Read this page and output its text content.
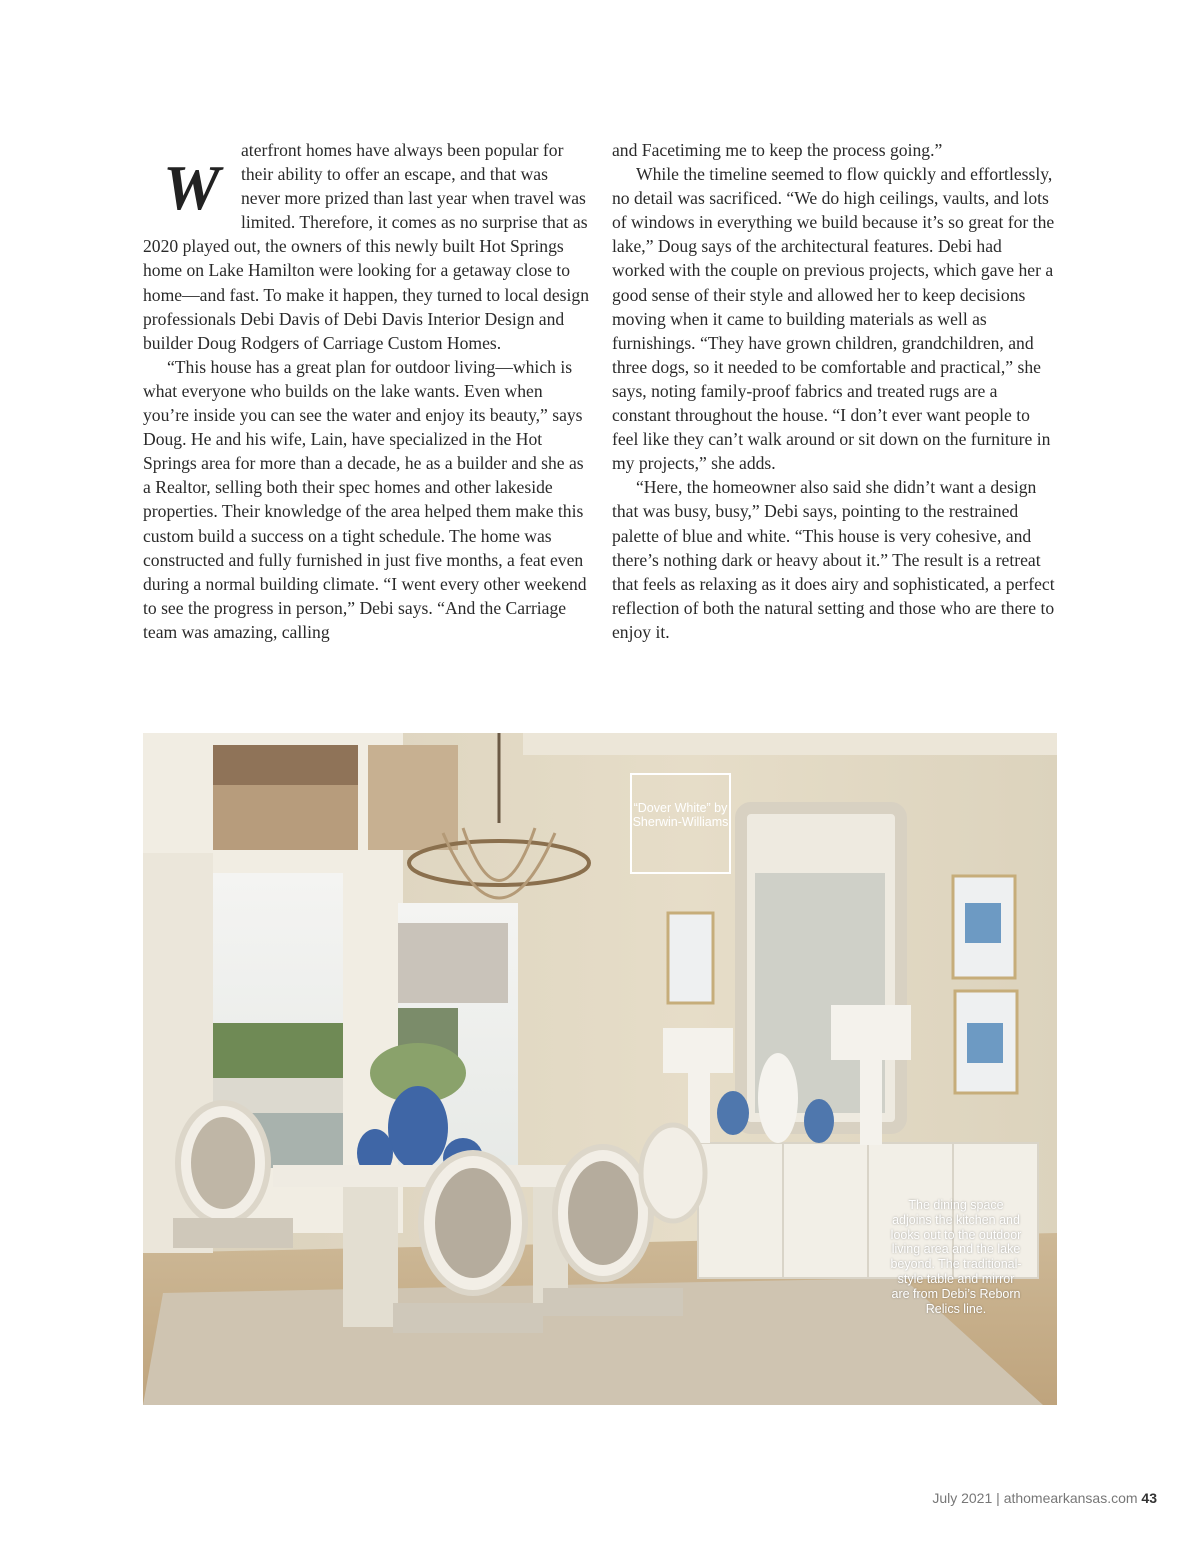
W

aterfront homes have always been popular for their ability to offer an escape, and that was never more prized than last year when travel was limited. Therefore, it comes as no surprise that as 2020 played out, the owners of this newly built Hot Springs home on Lake Hamilton were looking for a getaway close to home—and fast. To make it happen, they turned to local design professionals Debi Davis of Debi Davis Interior Design and builder Doug Rodgers of Carriage Custom Homes.

“This house has a great plan for outdoor living—which is what everyone who builds on the lake wants. Even when you’re inside you can see the water and enjoy its beauty,” says Doug. He and his wife, Lain, have specialized in the Hot Springs area for more than a decade, he as a builder and she as a Realtor, selling both their spec homes and other lakeside properties. Their knowledge of the area helped them make this custom build a success on a tight schedule. The home was constructed and fully furnished in just five months, a feat even during a normal building climate. “I went every other weekend to see the progress in person,” Debi says. “And the Carriage team was amazing, calling

and Facetiming me to keep the process going.”

While the timeline seemed to flow quickly and effortlessly, no detail was sacrificed. “We do high ceilings, vaults, and lots of windows in everything we build because it’s so great for the lake,” Doug says of the architectural features. Debi had worked with the couple on previous projects, which gave her a good sense of their style and allowed her to keep decisions moving when it came to building materials as well as furnishings. “They have grown children, grandchildren, and three dogs, so it needed to be comfortable and practical,” she says, noting family-proof fabrics and treated rugs are a constant throughout the house. “I don’t ever want people to feel like they can’t walk around or sit down on the furniture in my projects,” she adds.

“Here, the homeowner also said she didn’t want a design that was busy, busy,” Debi says, pointing to the restrained palette of blue and white. “This house is very cohesive, and there’s nothing dark or heavy about it.” The result is a retreat that feels as relaxing as it does airy and sophisticated, a perfect reflection of both the natural setting and those who are there to enjoy it.

“Dover White” by Sherwin-Williams
The dining space adjoins the kitchen and looks out to the outdoor living area and the lake beyond. The traditional-style table and mirror are from Debi’s Reborn Relics line.
July 2021 | athomearkansas.com 43
